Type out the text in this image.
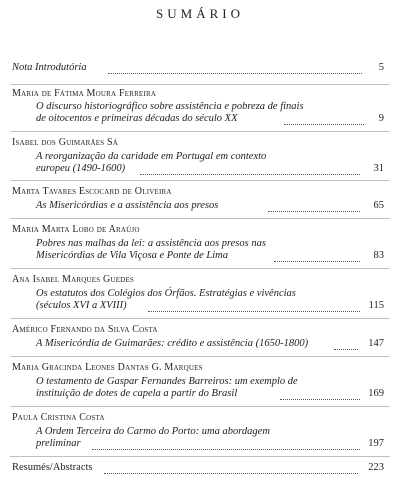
SUMÁRIO
Nota Introdutória	5
Maria de Fátima Moura Ferreira
O discurso historiográfico sobre assistência e pobreza de finais
de oitocentos e primeiras décadas do século XX	9
Isabel dos Guimarães Sá
A reorganização da caridade em Portugal em contexto
europeu (1490-1600)	31
Marta Tavares Escocard de Oliveira
As Misericórdias e a assistência aos presos	65
Maria Marta Lobo de Araújo
Pobres nas malhas da lei: a assistência aos presos nas
Misericórdias de Vila Viçosa e Ponte de Lima	83
Ana Isabel Marques Guedes
Os estatutos dos Colégios dos Órfãos. Estratégias e vivências
(séculos XVI a XVIII)	115
Américo Fernando da Silva Costa
A Misericórdia de Guimarães: crédito e assistência (1650-1800)	147
Maria Gracinda Leones Dantas G. Marques
O testamento de Gaspar Fernandes Barreiros: um exemplo de
instituição de dotes de capela a partir do Brasil	169
Paula Cristina Costa
A Ordem Terceira do Carmo do Porto: uma abordagem
preliminar	197
Resumés/Abstracts	223
